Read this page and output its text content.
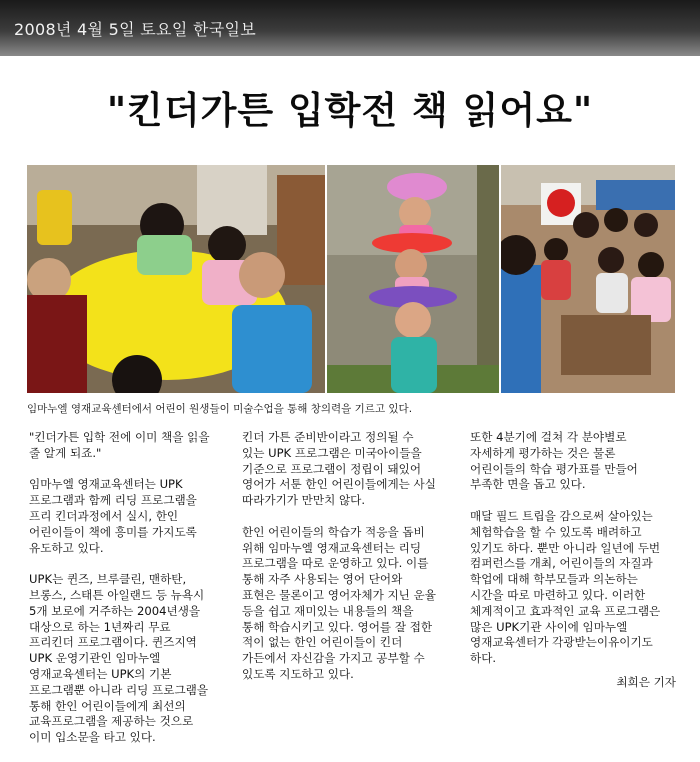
2008년 4월 5일 토요일 한국일보
"킨더가튼 입학전 책 읽어요"
임마누엘 영재교육센터에서 어린이 원생들이 미술수업을 통해 창의력을 기르고 있다.

"킨더가튼 입학 전에 이미 책을 읽을
줄 알게 되죠."

임마누엘 영재교육센터는 UPK
프로그램과 함께 리딩 프로그램을
프리 킨더과정에서 실시, 한인
어린이들이 책에 흥미를 가지도록
유도하고 있다.

UPK는 퀸즈, 브루클린, 맨하탄,
브롱스, 스태튼 아일랜드 등 뉴욕시
5개 보로에 거주하는 2004년생을
대상으로 하는 1년짜리 무료
프리킨더 프로그램이다. 퀸즈지역
UPK 운영기관인 임마누엘
영재교육센터는 UPK의 기본
프로그램뿐 아니라 리딩 프로그램을
통해 한인 어린이들에게 최선의
교육프로그램을 제공하는 것으로
이미 입소문을 타고 있다.

킨더 가튼 준비반이라고 정의될 수
있는 UPK 프로그램은 미국아이들을
기준으로 프로그램이 정립이 돼있어
영어가 서툰 한인 어린이들에게는 사실
따라가기가 만만치 않다.

한인 어린이들의 학습가 적응을 돕비
위해 임마누엘 영재교육센터는 리딩
프로그램을 따로 운영하고 있다. 이를
통해 자주 사용되는 영어 단어와
표현은 물론이고 영어자체가 지닌 운율
등을 쉽고 재미있는 내용들의 책을
통해 학습시키고 있다. 영어를 잘 접한
적이 없는 한인 어린이들이 킨더
가든에서 자신감을 가지고 공부할 수
있도록 지도하고 있다.

또한 4분기에 걸쳐 각 분야별로
자세하게 평가하는 것은 물론
어린이들의 학습 평가표를 만들어
부족한 면을 돕고 있다.

매달 필드 트립을 감으로써 살아있는
체험학습을 할 수 있도록 배려하고
있기도 하다. 뿐만 아니라 일년에 두번
컴퍼런스를 개최, 어린이들의 자질과
학업에 대해 학부모들과 의논하는
시간을 따로 마련하고 있다. 이러한
체계적이고 효과적인 교육 프로그램은
많은 UPK기관 사이에 임마누엘
영재교육센터가 각광받는이유이기도
하다.

최희은 기자
